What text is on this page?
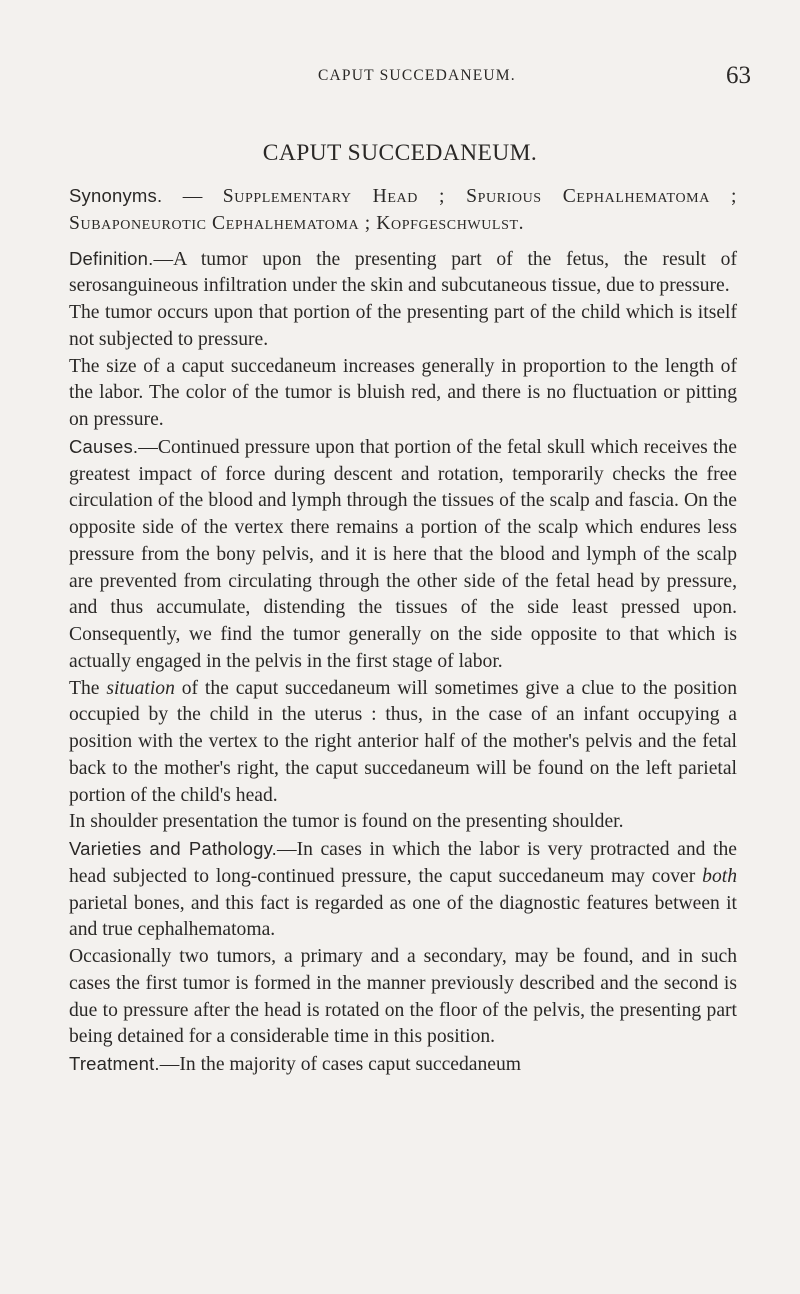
CAPUT SUCCEDANEUM.	63
CAPUT SUCCEDANEUM.

Synonyms. — Supplementary Head ; Spurious Cephalhematoma ; Subaponeurotic Cephalhematoma ; Kopfgeschwulst.

Definition.—A tumor upon the presenting part of the fetus, the result of serosanguineous infiltration under the skin and subcutaneous tissue, due to pressure.

The tumor occurs upon that portion of the presenting part of the child which is itself not subjected to pressure.

The size of a caput succedaneum increases generally in proportion to the length of the labor. The color of the tumor is bluish red, and there is no fluctuation or pitting on pressure.

Causes.—Continued pressure upon that portion of the fetal skull which receives the greatest impact of force during descent and rotation, temporarily checks the free circulation of the blood and lymph through the tissues of the scalp and fascia. On the opposite side of the vertex there remains a portion of the scalp which endures less pressure from the bony pelvis, and it is here that the blood and lymph of the scalp are prevented from circulating through the other side of the fetal head by pressure, and thus accumulate, distending the tissues of the side least pressed upon. Consequently, we find the tumor generally on the side opposite to that which is actually engaged in the pelvis in the first stage of labor.

The situation of the caput succedaneum will sometimes give a clue to the position occupied by the child in the uterus : thus, in the case of an infant occupying a position with the vertex to the right anterior half of the mother's pelvis and the fetal back to the mother's right, the caput succedaneum will be found on the left parietal portion of the child's head.

In shoulder presentation the tumor is found on the presenting shoulder.

Varieties and Pathology.—In cases in which the labor is very protracted and the head subjected to long-continued pressure, the caput succedaneum may cover both parietal bones, and this fact is regarded as one of the diagnostic features between it and true cephalhematoma.

Occasionally two tumors, a primary and a secondary, may be found, and in such cases the first tumor is formed in the manner previously described and the second is due to pressure after the head is rotated on the floor of the pelvis, the presenting part being detained for a considerable time in this position.

Treatment.—In the majority of cases caput succedaneum
